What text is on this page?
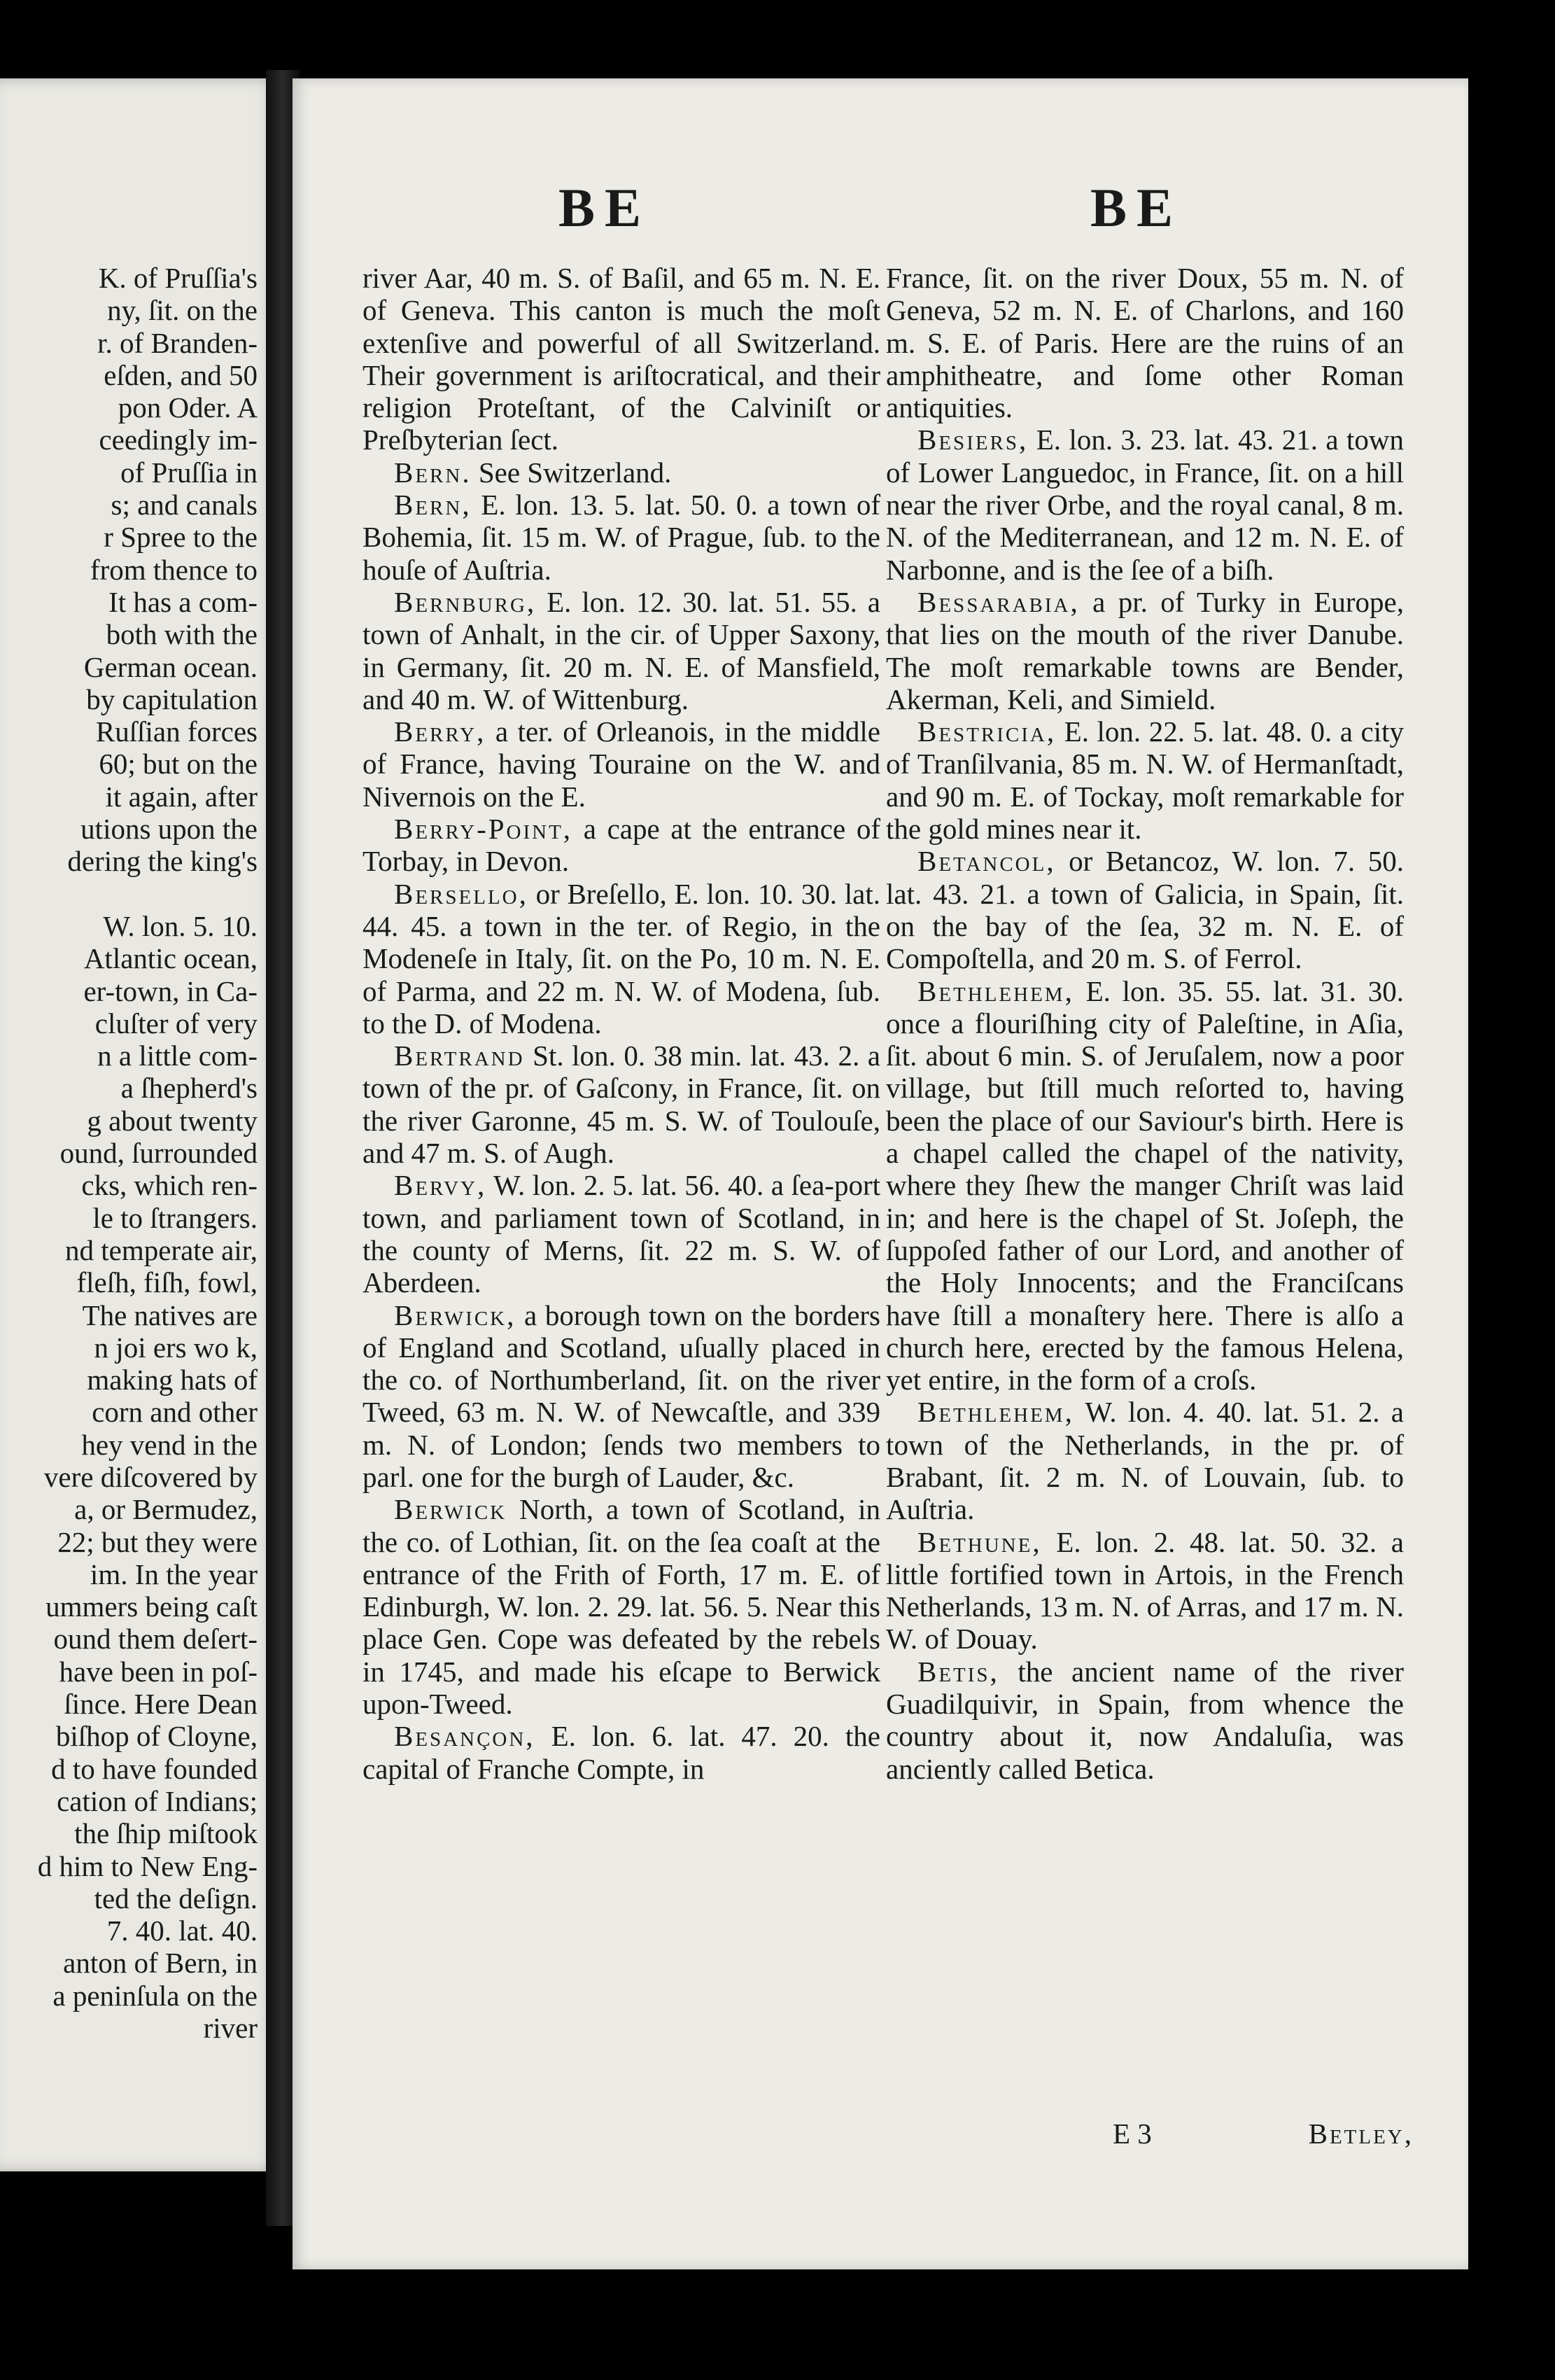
K. of Pruſſia's
ny, ſit. on the
r. of Branden-
eſden, and 50
pon Oder. A
ceedingly im-
of Pruſſia in
s; and canals
r Spree to the
from thence to
It has a com-
both with the
German ocean.
by capitulation
Ruſſian forces
60; but on the
it again, after
utions upon the
dering the king's

W. lon. 5. 10.
Atlantic ocean,
er-town, in Ca-
cluſter of very
n a little com-
a ſhepherd's
g about twenty
ound, ſurrounded
cks, which ren-
le to ſtrangers.
nd temperate air,
fleſh, fiſh, fowl,
The natives are
n joi ers wo k,
making hats of
corn and other
hey vend in the
vere diſcovered by
a, or Bermudez,
22; but they were
im. In the year
ummers being caſt
ound them deſert-
have been in poſ-
ſince. Here Dean
biſhop of Cloyne,
d to have founded
cation of Indians;
the ſhip miſtook
d him to New Eng-
ted the deſign.
7. 40. lat. 40.
anton of Bern, in
a peninſula on the
river
BE	BE

river Aar, 40 m. S. of Baſil, and 65 m. N. E. of Geneva. This canton is much the moſt extenſive and powerful of all Switzerland. Their government is ariſtocratical, and their religion Proteſtant, of the Calviniſt or Preſbyterian ſect.

Bern. See Switzerland.

Bern, E. lon. 13. 5. lat. 50. 0. a town of Bohemia, ſit. 15 m. W. of Prague, ſub. to the houſe of Auſtria.

Bernburg, E. lon. 12. 30. lat. 51. 55. a town of Anhalt, in the cir. of Upper Saxony, in Germany, ſit. 20 m. N. E. of Mansfield, and 40 m. W. of Wittenburg.

Berry, a ter. of Orleanois, in the middle of France, having Touraine on the W. and Nivernois on the E.

Berry-Point, a cape at the entrance of Torbay, in Devon.

Bersello, or Breſello, E. lon. 10. 30. lat. 44. 45. a town in the ter. of Regio, in the Modeneſe in Italy, ſit. on the Po, 10 m. N. E. of Parma, and 22 m. N. W. of Modena, ſub. to the D. of Modena.

Bertrand St. lon. 0. 38 min. lat. 43. 2. a town of the pr. of Gaſcony, in France, ſit. on the river Garonne, 45 m. S. W. of Toulouſe, and 47 m. S. of Augh.

Bervy, W. lon. 2. 5. lat. 56. 40. a ſea-port town, and parliament town of Scotland, in the county of Merns, ſit. 22 m. S. W. of Aberdeen.

Berwick, a borough town on the borders of England and Scotland, uſually placed in the co. of Northumberland, ſit. on the river Tweed, 63 m. N. W. of Newcaſtle, and 339 m. N. of London; ſends two members to parl. one for the burgh of Lauder, &c.

Berwick North, a town of Scotland, in the co. of Lothian, ſit. on the ſea coaſt at the entrance of the Frith of Forth, 17 m. E. of Edinburgh, W. lon. 2. 29. lat. 56. 5. Near this place Gen. Cope was defeated by the rebels in 1745, and made his eſcape to Berwick upon-Tweed.

Besançon, E. lon. 6. lat. 47. 20. the capital of Franche Compte, in

France, ſit. on the river Doux, 55 m. N. of Geneva, 52 m. N. E. of Charlons, and 160 m. S. E. of Paris. Here are the ruins of an amphitheatre, and ſome other Roman antiquities.

Besiers, E. lon. 3. 23. lat. 43. 21. a town of Lower Languedoc, in France, ſit. on a hill near the river Orbe, and the royal canal, 8 m. N. of the Mediterranean, and 12 m. N. E. of Narbonne, and is the ſee of a biſh.

Bessarabia, a pr. of Turky in Europe, that lies on the mouth of the river Danube. The moſt remarkable towns are Bender, Akerman, Keli, and Simield.

Bestricia, E. lon. 22. 5. lat. 48. 0. a city of Tranſilvania, 85 m. N. W. of Hermanſtadt, and 90 m. E. of Tockay, moſt remarkable for the gold mines near it.

Betancol, or Betancoz, W. lon. 7. 50. lat. 43. 21. a town of Galicia, in Spain, ſit. on the bay of the ſea, 32 m. N. E. of Compoſtella, and 20 m. S. of Ferrol.

Bethlehem, E. lon. 35. 55. lat. 31. 30. once a flouriſhing city of Paleſtine, in Aſia, ſit. about 6 min. S. of Jeruſalem, now a poor village, but ſtill much reſorted to, having been the place of our Saviour's birth. Here is a chapel called the chapel of the nativity, where they ſhew the manger Chriſt was laid in; and here is the chapel of St. Joſeph, the ſuppoſed father of our Lord, and another of the Holy Innocents; and the Franciſcans have ſtill a monaſtery here. There is alſo a church here, erected by the famous Helena, yet entire, in the form of a croſs.

Bethlehem, W. lon. 4. 40. lat. 51. 2. a town of the Netherlands, in the pr. of Brabant, ſit. 2 m. N. of Louvain, ſub. to Auſtria.

Bethune, E. lon. 2. 48. lat. 50. 32. a little fortified town in Artois, in the French Netherlands, 13 m. N. of Arras, and 17 m. N. W. of Douay.

Betis, the ancient name of the river Guadilquivir, in Spain, from whence the country about it, now Andaluſia, was anciently called Betica.

E 3	Betley,
